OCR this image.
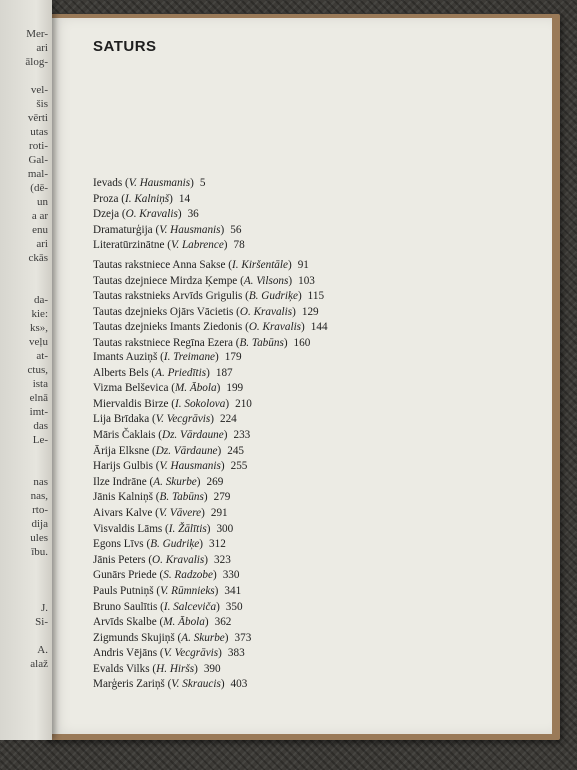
Mer-
ari
ālog-
vel-
šis
vērti
utas
roti-
Gal-
mal-
(dē-
un
a ar
enu
ari
ckās
da-
kie:
ks»,
veļu
at-
ctus,
ista
elnā
imt-
das
Le-
nas
nas,
rto-
dija
ules
ību.
J.
Si-
A.
alaž
SATURS
Ievads (V. Hausmanis) 5
Proza (I. Kalniņš) 14
Dzeja (O. Kravalis) 36
Dramaturģija (V. Hausmanis) 56
Literatūrzinātne (V. Labrence) 78
Tautas rakstniece Anna Sakse (I. Kiršentāle) 91
Tautas dzejniece Mirdza Ķempe (A. Vilsons) 103
Tautas rakstnieks Arvīds Grigulis (B. Gudriķe) 115
Tautas dzejnieks Ojārs Vācietis (O. Kravalis) 129
Tautas dzejnieks Imants Ziedonis (O. Kravalis) 144
Tautas rakstniece Regīna Ezera (B. Tabūns) 160
Imants Auziņš (I. Treimane) 179
Alberts Bels (A. Priedītis) 187
Vizma Belševica (M. Ābola) 199
Miervaldis Birze (I. Sokolova) 210
Lija Brīdaka (V. Vecgrāvis) 224
Māris Čaklais (Dz. Vārdaune) 233
Ārija Elksne (Dz. Vārdaune) 245
Harijs Gulbis (V. Hausmanis) 255
Ilze Indrāne (A. Skurbe) 269
Jānis Kalniņš (B. Tabūns) 279
Aivars Kalve (V. Vāvere) 291
Visvaldis Lāms (I. Žālītis) 300
Egons Līvs (B. Gudriķe) 312
Jānis Peters (O. Kravalis) 323
Gunārs Priede (S. Radzobe) 330
Pauls Putniņš (V. Rūmnieks) 341
Bruno Saulītis (I. Salceviča) 350
Arvīds Skalbe (M. Ābola) 362
Zigmunds Skujiņš (A. Skurbe) 373
Andris Vējāns (V. Vecgrāvis) 383
Evalds Vilks (H. Hiršs) 390
Marģeris Zariņš (V. Skraucis) 403
